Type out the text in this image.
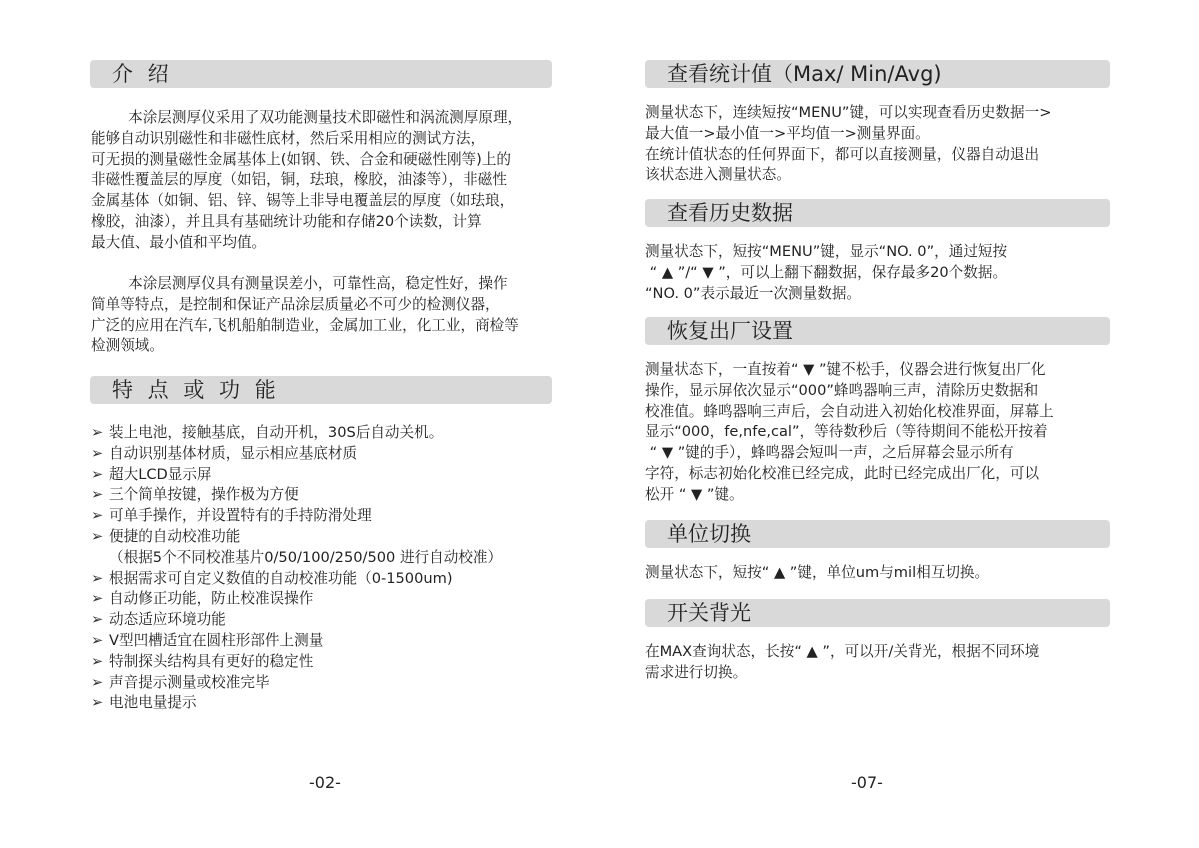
介 绍
本涂层测厚仪采用了双功能测量技术即磁性和涡流测厚原理，
能够自动识别磁性和非磁性底材，然后采用相应的测试方法，
可无损的测量磁性金属基体上(如钢、铁、合金和硬磁性刚等)上的
非磁性覆盖层的厚度（如铝，铜，珐琅，橡胶，油漆等），非磁性
金属基体（如铜、铝、锌、锡等上非导电覆盖层的厚度（如珐琅，
橡胶，油漆），并且具有基础统计功能和存储20个读数，计算
最大值、最小值和平均值。
本涂层测厚仪具有测量误差小，可靠性高，稳定性好，操作
简单等特点，是控制和保证产品涂层质量必不可少的检测仪器，
广泛的应用在汽车,飞机船舶制造业，金属加工业，化工业，商检等
检测领域。
特 点 或 功 能
➢ 装上电池，接触基底，自动开机，30S后自动关机。
➢ 自动识别基体材质，显示相应基底材质
➢ 超大LCD显示屏
➢ 三个简单按键，操作极为方便
➢ 可单手操作，并设置特有的手持防滑处理
➢ 便捷的自动校准功能
（根据5个不同校准基片0/50/100/250/500 进行自动校准）
➢ 根据需求可自定义数值的自动校准功能（0-1500um)
➢ 自动修正功能，防止校准误操作
➢ 动态适应环境功能
➢ V型凹槽适宜在圆柱形部件上测量
➢ 特制探头结构具有更好的稳定性
➢ 声音提示测量或校准完毕
➢ 电池电量提示
-02-
查看统计值（Max/ Min/Avg)
测量状态下，连续短按“MENU”键，可以实现查看历史数据一>
最大值一>最小值一>平均值一>测量界面。
在统计值状态的任何界面下，都可以直接测量，仪器自动退出
该状态进入测量状态。
查看历史数据
测量状态下，短按“MENU”键，显示“NO. 0”，通过短按
“ ▲ ”/“ ▼ ”，可以上翻下翻数据，保存最多20个数据。
“NO. 0”表示最近一次测量数据。
恢复出厂设置
测量状态下，一直按着“ ▼ ”键不松手，仪器会进行恢复出厂化
操作，显示屏依次显示“000”蜂鸣器响三声，清除历史数据和
校准值。蜂鸣器响三声后，会自动进入初始化校准界面，屏幕上
显示“000，fe,nfe,cal”，等待数秒后（等待期间不能松开按着
“ ▼ ”键的手），蜂鸣器会短叫一声，之后屏幕会显示所有
字符，标志初始化校准已经完成，此时已经完成出厂化，可以
松开 “ ▼ ”键。
单位切换
测量状态下，短按“ ▲ ”键，单位um与mil相互切换。
开关背光
在MAX查询状态，长按“ ▲ ”，可以开/关背光，根据不同环境
需求进行切换。
-07-
